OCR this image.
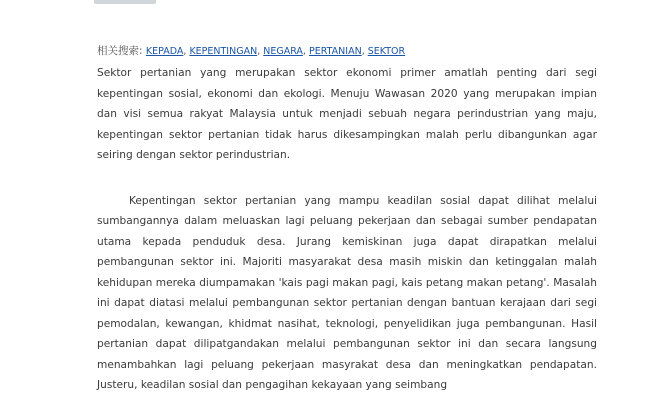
相关搜索: KEPADA, KEPENTINGAN, NEGARA, PERTANIAN, SEKTOR

Sektor pertanian yang merupakan sektor ekonomi primer amatlah penting dari segi kepentingan sosial, ekonomi dan ekologi. Menuju Wawasan 2020 yang merupakan impian dan visi semua rakyat Malaysia untuk menjadi sebuah negara perindustrian yang maju, kepentingan sektor pertanian tidak harus dikesampingkan malah perlu dibangunkan agar seiring dengan sektor perindustrian.

Kepentingan sektor pertanian yang mampu keadilan sosial dapat dilihat melalui sumbangannya dalam meluaskan lagi peluang pekerjaan dan sebagai sumber pendapatan utama kepada penduduk desa. Jurang kemiskinan juga dapat dirapatkan melalui pembangunan sektor ini. Majoriti masyarakat desa masih miskin dan ketinggalan malah kehidupan mereka diumpamakan 'kais pagi makan pagi, kais petang makan petang'. Masalah ini dapat diatasi melalui pembangunan sektor pertanian dengan bantuan kerajaan dari segi pemodalan, kewangan, khidmat nasihat, teknologi, penyelidikan juga pembangunan. Hasil pertanian dapat dilipatgandakan melalui pembangunan sektor ini dan secara langsung menambahkan lagi peluang pekerjaan masyrakat desa dan meningkatkan pendapatan. Justeru, keadilan sosial dan pengagihan kekayaan yang seimbang
